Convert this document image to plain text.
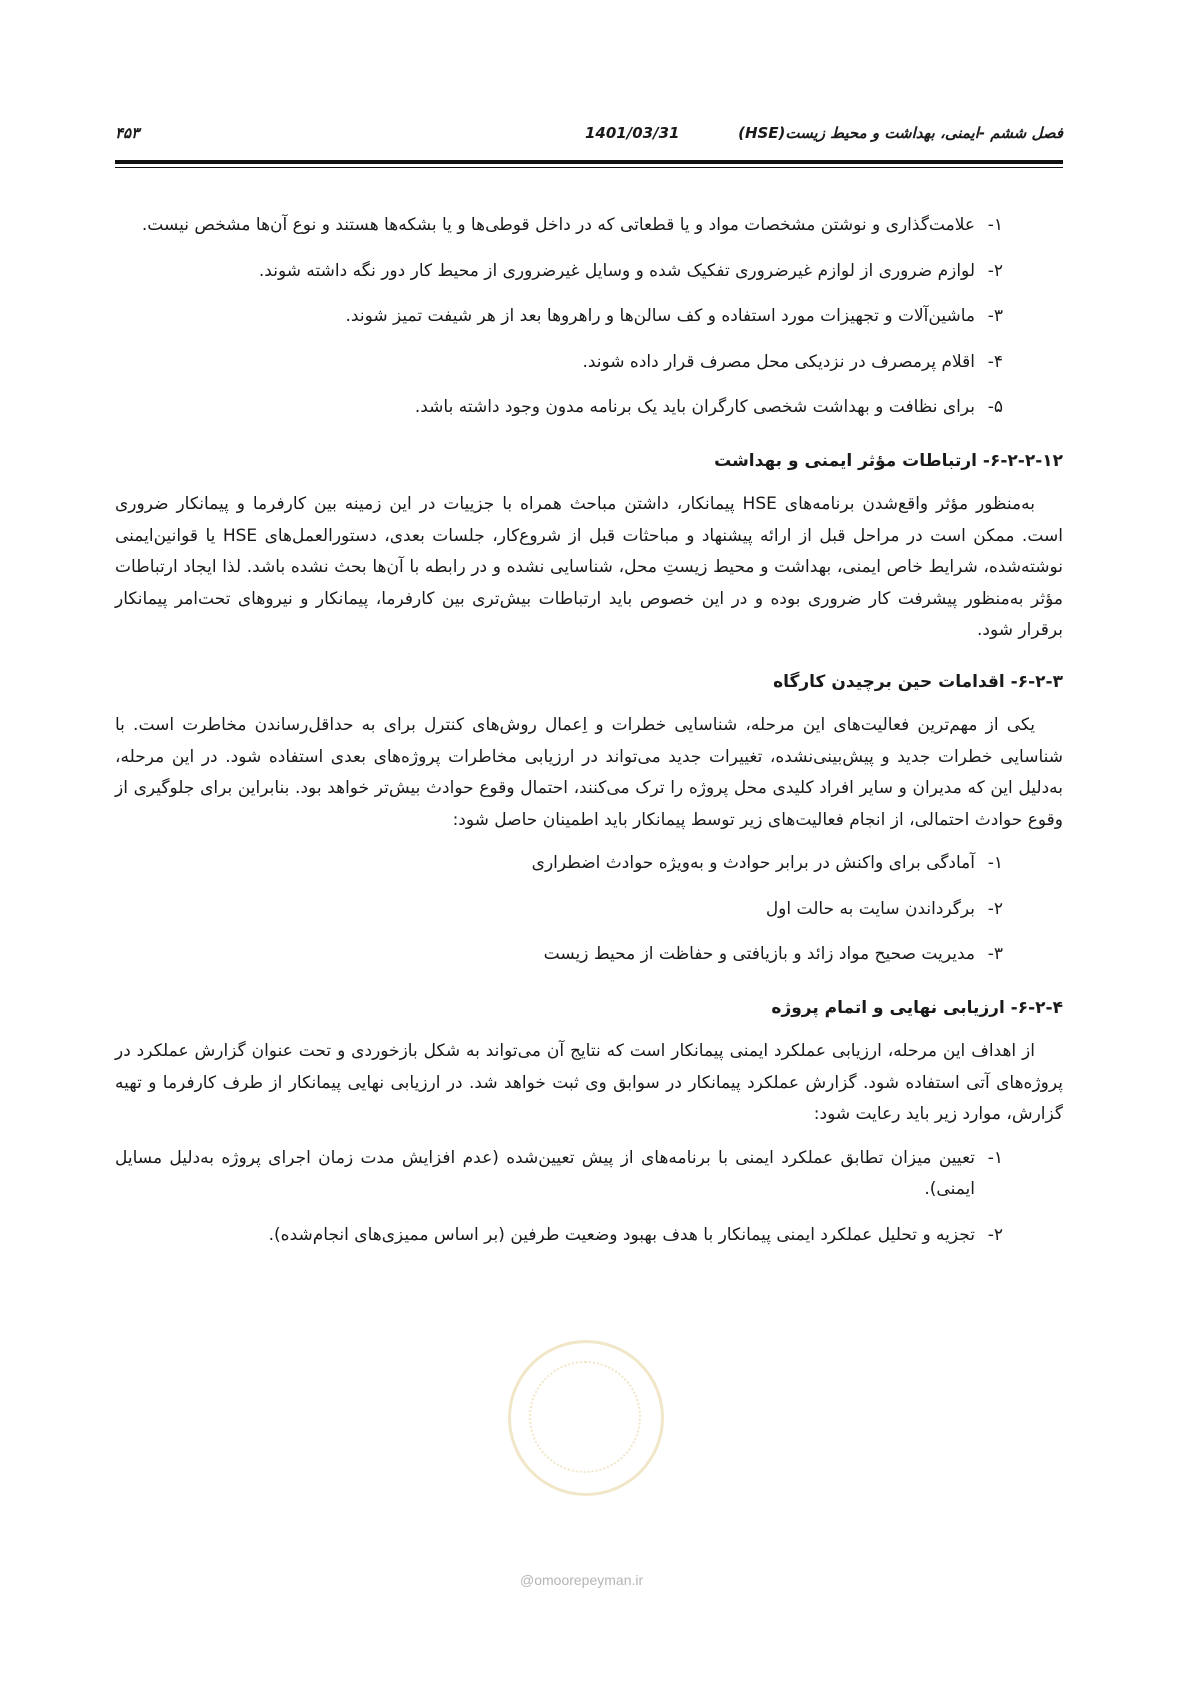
فصل ششم -ایمنی، بهداشت و محیط زیست(HSE)
1401/03/31
۴۵۳
۱-
علامت‌گذاری و نوشتن مشخصات مواد و یا قطعاتی که در داخل قوطی‌ها و یا بشکه‌ها هستند و نوع آن‌ها مشخص نیست.
۲-
لوازم ضروری از لوازم غیرضروری تفکیک شده و وسایل غیرضروری از محیط کار دور نگه داشته شوند.
۳-
ماشین‌آلات و تجهیزات مورد استفاده و کف سالن‌ها و راهروها بعد از هر شیفت تمیز شوند.
۴-
اقلام پرمصرف در نزدیکی محل مصرف قرار داده شوند.
۵-
برای نظافت و بهداشت شخصی کارگران باید یک برنامه مدون وجود داشته باشد.
۶-۲-۲-۱۲- ارتباطات مؤثر ایمنی و بهداشت

به‌منظور مؤثر واقع‌شدن برنامه‌های HSE پیمانکار، داشتن مباحث همراه با جزییات در این زمینه بین کارفرما و پیمانکار ضروری است. ممکن است در مراحل قبل از ارائه پیشنهاد و مباحثات قبل از شروع‌کار، جلسات بعدی، دستورالعمل‌های HSE یا قوانین‌ایمنی نوشته‌شده، شرایط خاص ایمنی، بهداشت و محیط زیستِ محل، شناسایی نشده و در رابطه با آن‌ها بحث نشده باشد. لذا ایجاد ارتباطات مؤثر به‌منظور پیشرفت کار ضروری بوده و در این خصوص باید ارتباطات بیش‌تری بین کارفرما، پیمانکار و نیروهای تحت‌امر پیمانکار برقرار شود.

۶-۲-۳- اقدامات حین برچیدن کارگاه

یکی از مهم‌ترین فعالیت‌های این مرحله، شناسایی خطرات و اِعمال روش‌های کنترل برای به حداقل‌رساندن مخاطرت است. با شناسایی خطرات جدید و پیش‌بینی‌نشده، تغییرات جدید می‌تواند در ارزیابی مخاطرات پروژه‌های بعدی استفاده شود. در این مرحله، به‌دلیل این که مدیران و سایر افراد کلیدی محل پروژه را ترک می‌کنند، احتمال وقوع حوادث بیش‌تر خواهد بود. بنابراین برای جلوگیری از وقوع حوادث احتمالی، از انجام فعالیت‌های زیر توسط پیمانکار باید اطمینان حاصل شود:

۱-
آمادگی برای واکنش در برابر حوادث و به‌ویژه حوادث اضطراری
۲-
برگرداندن سایت به حالت اول
۳-
مدیریت صحیح مواد زائد و بازیافتی و حفاظت از محیط زیست
۶-۲-۴- ارزیابی نهایی و اتمام پروژه

از اهداف این مرحله، ارزیابی عملکرد ایمنی پیمانکار است که نتایج آن می‌تواند به شکل بازخوردی و تحت عنوان گزارش عملکرد در پروژه‌های آتی استفاده شود. گزارش عملکرد پیمانکار در سوابق وی ثبت خواهد شد. در ارزیابی نهایی پیمانکار از طرف کارفرما و تهیه گزارش، موارد زیر باید رعایت شود:

۱-
تعیین میزان تطابق عملکرد ایمنی با برنامه‌های از پیش تعیین‌شده (عدم افزایش مدت زمان اجرای پروژه به‌دلیل مسایل ایمنی).
۲-
تجزیه و تحلیل عملکرد ایمنی پیمانکار با هدف بهبود وضعیت طرفین (بر اساس ممیزی‌های انجام‌شده).
@omoorepeyman.ir
